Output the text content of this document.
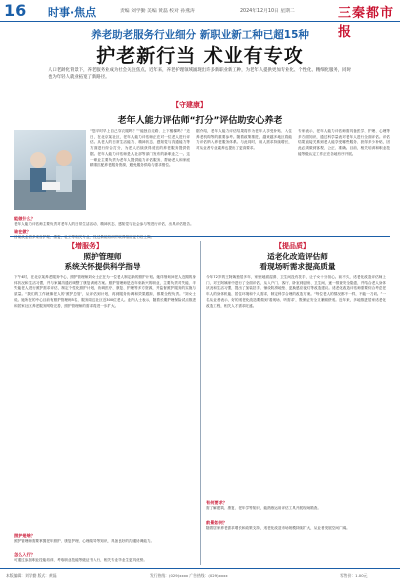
16 时事·焦点	责编 刘学勤 美编 黄磊 校对 孙燕涛	2024年12月10日 星期二	三秦都市报
养老助老服务行业细分 新职业新工种已超15种
护老新行当 术业有专攻
人口老龄化背景下，养老服务业成为社会关注焦点。近年来，养老护理领域涌现出许多新职业新工种，为老年人提供更加专业化、个性化、精细化服务，同时也为年轻人就业拓宽了新路径。
【守建康】
老年人能力评估师“打分”评估助安心养老
“您平时早上自己穿衣服吗？”“能独自走路、上下楼梯吗？”近日，在北京某社区，老年人能力评估师正在对一位老人进行评估。从老人的日常生活能力、精神状态、感知觉与沟通能力等方面进行综合打分，为老人后续获得适宜的养老服务提供依据。老年人能力评估师是人社部等部门发布的新职业之一。这一职业主要负责为老年人提供能力评估服务，帮助老人和家庭精准匹配养老服务资源，避免服务供给与需求错位。
据介绍，老年人能力评估结果将作为老年人享受补贴、入住养老机构等的重要参考。随着政策推进，越来越多地区将能力评估纳入养老服务体系。与此同时，用人需求持续增长，对从业者专业素养也提出了更高要求。
专家表示，老年人能力评估师需具备医学、护理、心理等多方面知识，通过科学量表对老年人进行全面评估。评估结果直接关系到老人能享受哪些服务、获得多少补贴，因此必须做到客观、公正、准确。目前，相关培训和职业技能等级认定工作正在各地有序开展。
能做什么？
老年人能力评估师主要负责对老年人的日常生活活动、精神状态、感知觉与社会参与等进行评估，出具评估报告。
谁在做？
目前从业者多来自护理、康复、社工等相关专业，经过系统培训并取得相应证书后上岗。
【增服务】
照护管理师
系统关怀提供科学指导
下午4时，在北京某养老服务中心，照护管理师刘女士正在为一位老人制定新的照护计划。她详细询问老人近期的身体状况和生活习惯，并与家属沟通后调整了康复训练方案。照护管理师是近年来新兴的职业，主要负责对失能、半失能老人进行照护需求评估，制定个性化照护计划，协调医疗、康复、护理等多方资源，并监督照护服务的实施与质量。“我们的工作就像老人的‘照护总管’，从评估到计划，再到服务协调和效果跟踪，都要全程负责。”刘女士说。她所在的中心目前有照护管理师5名，服务周边社区近300位老人。业内人士表示，随着长期护理保险试点推进和居家社区养老服务网络完善，照护管理师的需求将进一步扩大。
照护是啥？
照护管理师需要掌握老年照护、康复护理、心理疏导等知识，具备良好的沟通协调能力。
怎么入行？
可通过参加职业技能培训、考取职业技能等级证书入行，相关专业毕业生更具优势。
【提品质】
适老化改造评估师
看现场听需求提高质量
今年72岁的王阿姨独居多年，家里地面湿滑、卫生间没有扶手，让子女十分担心。前不久，适老化改造评估师上门，对王阿姨家中进行了全面评估，从入户门、客厅、卧室到厨房、卫生间，逐一排查安全隐患，并结合老人身体状况和生活习惯，提出了加装扶手、铺设防滑地垫、更换感应夜灯等改造建议。适老化改造评估师需要综合考虑老年人的身体机能、居住环境和个人需求，制定科学合理的改造方案。“每位老人的情况都不一样，不能一刀切。”一名从业者表示，好的适老化改造要做到‘看现场、听需求’，既保证安全又兼顾舒适。近年来，多地推进居家适老化改造工程，相关人才需求旺盛。
有何要求？
需了解建筑、康复、老年学等知识，能熟练运用评估工具开展现场勘查。
前景如何？
随着居家养老需求增长和政策支持，适老化改造市场规模持续扩大，从业者发展空间广阔。
本版编辑：刘学勤 版式：黄磊	发行热线：(029)xxxx 广告热线：(029)xxxx	零售价：1.00元
